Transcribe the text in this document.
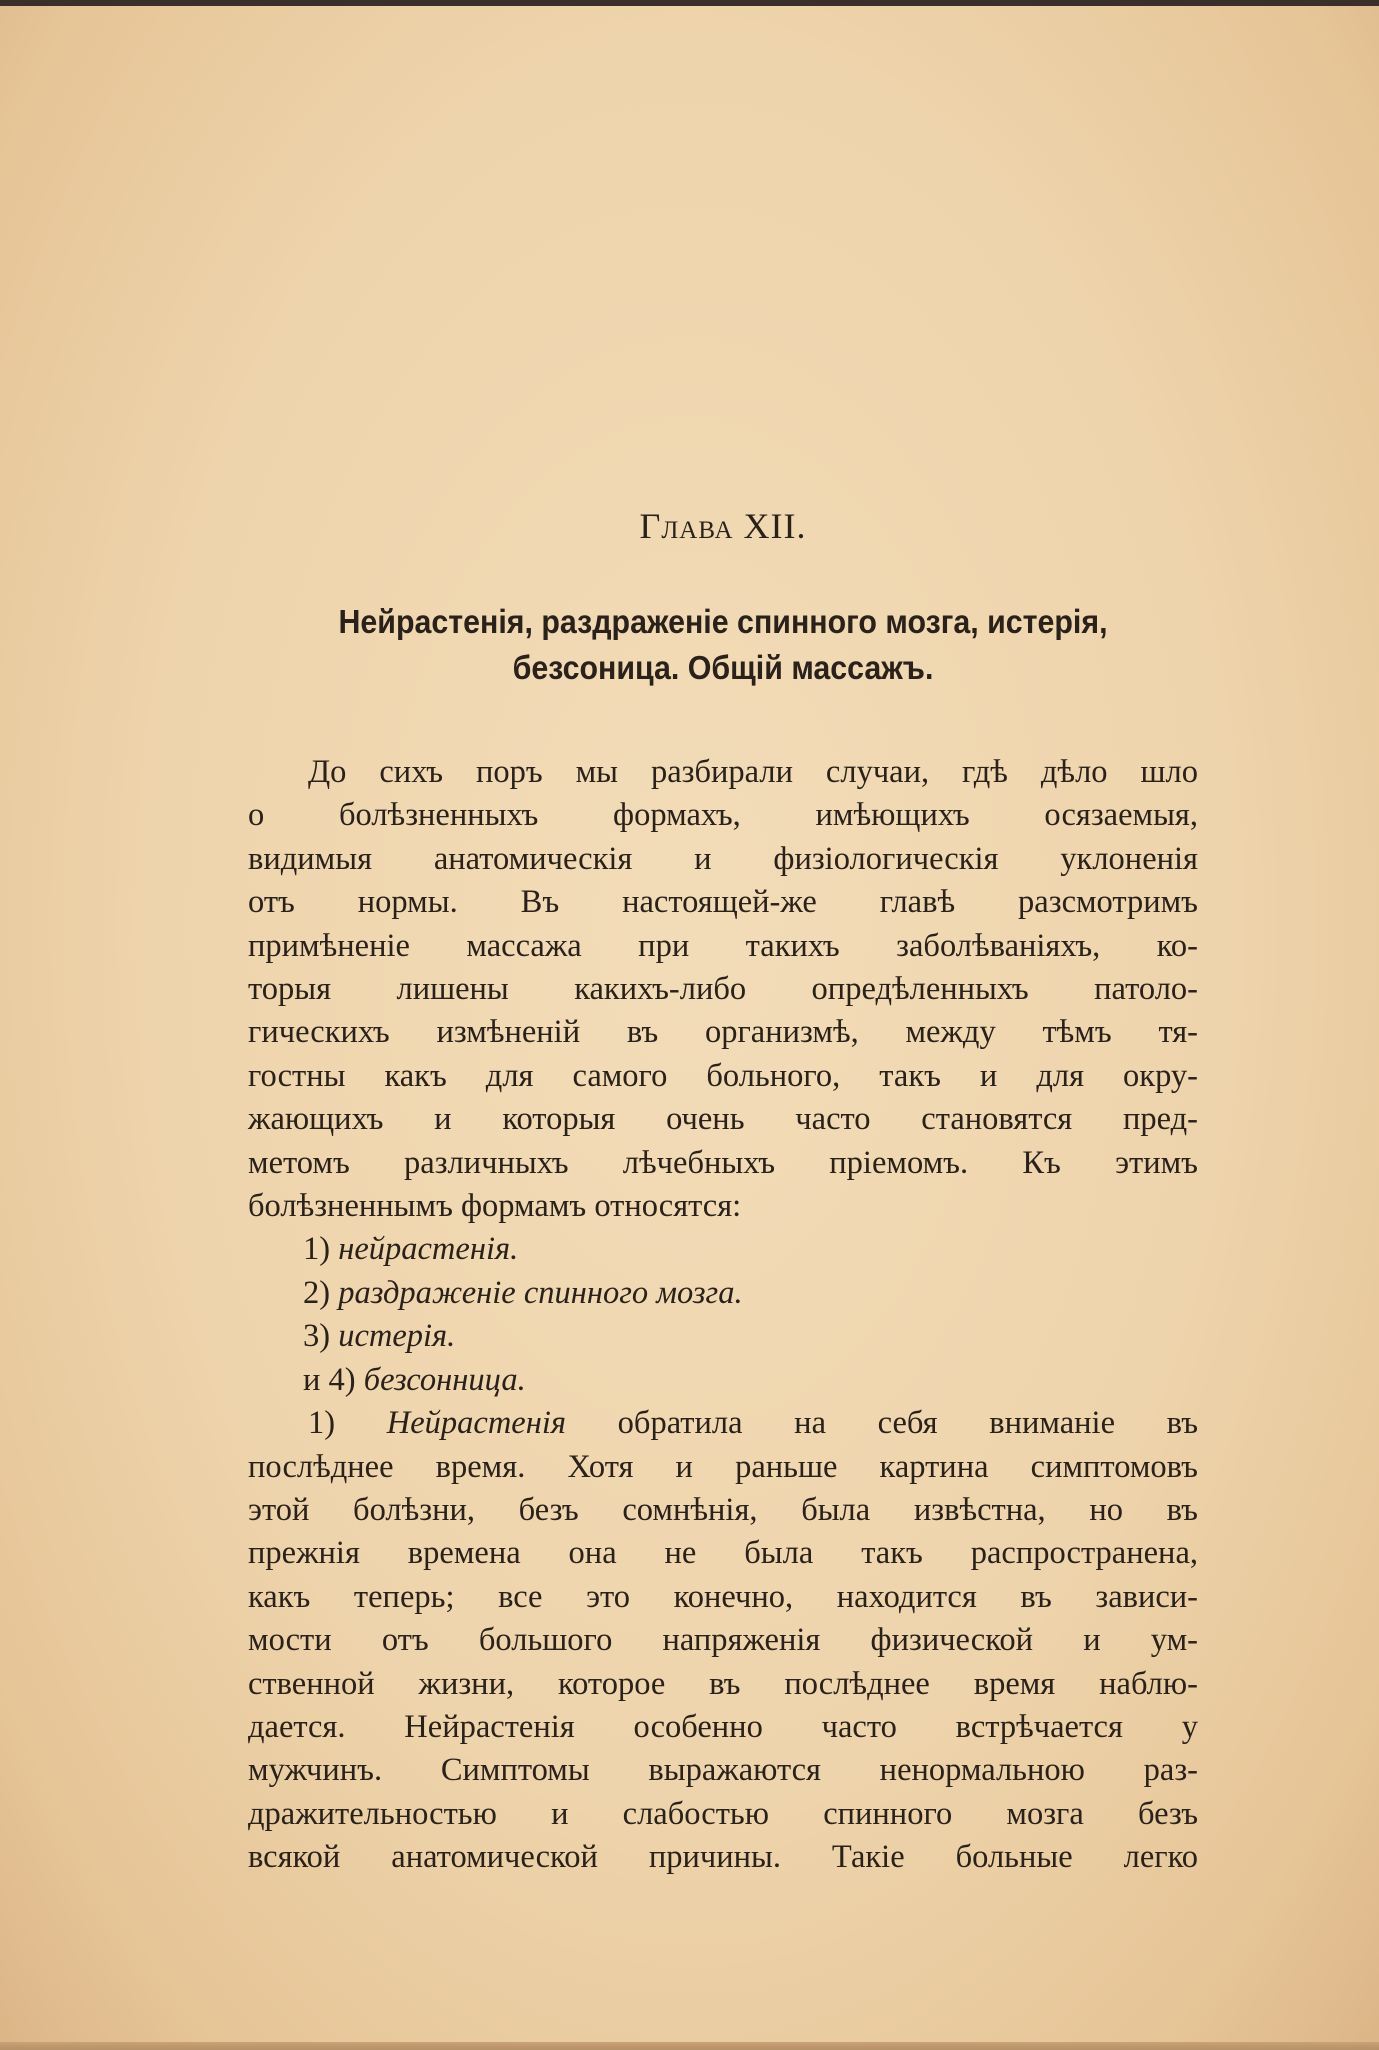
Глава XII.
Нейрастенія, раздраженіе спинного мозга, истерія,
безсоница. Общій массажъ.
До сихъ поръ мы разбирали случаи, гдѣ дѣло шло
о болѣзненныхъ формахъ, имѣющихъ осязаемыя,
видимыя анатомическія и физіологическія уклоненія
отъ нормы. Въ настоящей-же главѣ разсмотримъ
примѣненіе массажа при такихъ заболѣваніяхъ, ко-
торыя лишены какихъ-либо опредѣленныхъ патоло-
гическихъ измѣненій въ организмѣ, между тѣмъ тя-
гостны какъ для самого больного, такъ и для окру-
жающихъ и которыя очень часто становятся пред-
метомъ различныхъ лѣчебныхъ пріемомъ. Къ этимъ
болѣзненнымъ формамъ относятся:
1) нейрастенія.
2) раздраженіе спинного мозга.
3) истерія.
и 4) безсонница.
1) Нейрастенія обратила на себя вниманіе въ
послѣднее время. Хотя и раньше картина симптомовъ
этой болѣзни, безъ сомнѣнія, была извѣстна, но въ
прежнія времена она не была такъ распространена,
какъ теперь; все это конечно, находится въ зависи-
мости отъ большого напряженія физической и ум-
ственной жизни, которое въ послѣднее время наблю-
дается. Нейрастенія особенно часто встрѣчается у
мужчинъ. Симптомы выражаются ненормальною раз-
дражительностью и слабостью спинного мозга безъ
всякой анатомической причины. Такіе больные легко
